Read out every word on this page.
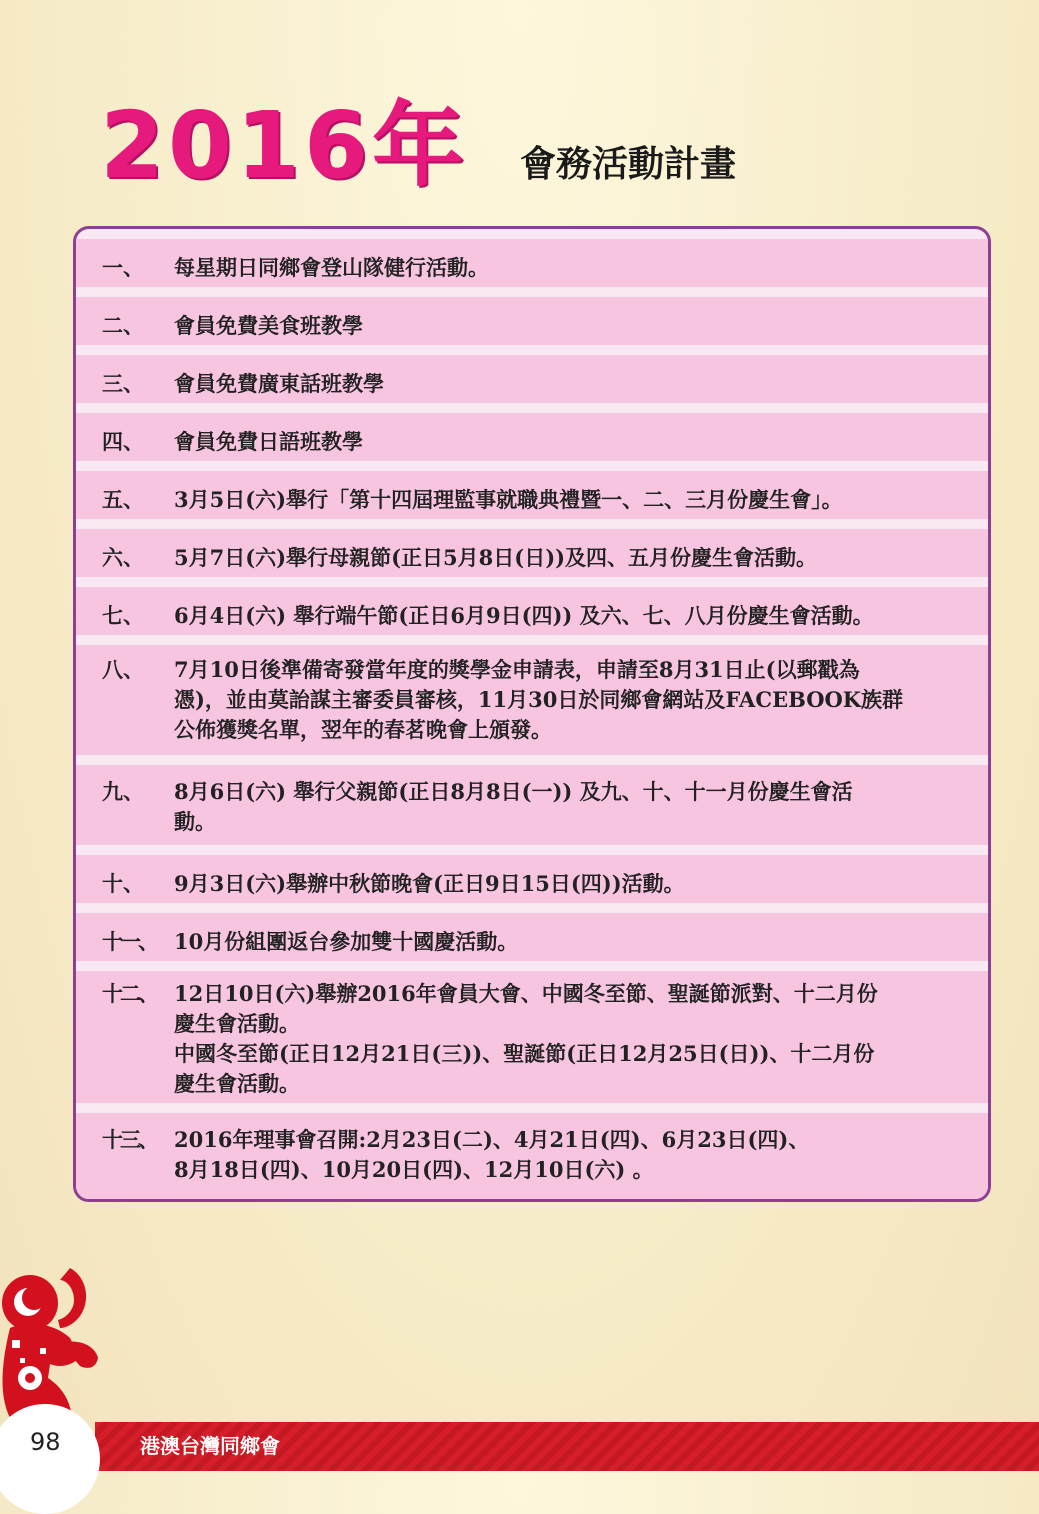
2016年 會務活動計畫
一、	每星期日同鄉會登山隊健行活動。
二、	會員免費美食班教學
三、	會員免費廣東話班教學
四、	會員免費日語班教學
五、	3月5日(六)舉行「第十四屆理監事就職典禮暨一、二、三月份慶生會」。
六、	5月7日(六)舉行母親節(正日5月8日(日))及四、五月份慶生會活動。
七、	6月4日(六) 舉行端午節(正日6月9日(四)) 及六、七、八月份慶生會活動。
八、	7月10日後準備寄發當年度的獎學金申請表，申請至8月31日止(以郵戳為
憑)，並由莫詒謀主審委員審核，11月30日於同鄉會網站及FACEBOOK族群
公佈獲獎名單，翌年的春茗晚會上頒發。
九、	8月6日(六) 舉行父親節(正日8月8日(一)) 及九、十、十一月份慶生會活
動。
十、	9月3日(六)舉辦中秋節晚會(正日9日15日(四))活動。
十一、 10月份組團返台參加雙十國慶活動。
十二、 12日10日(六)舉辦2016年會員大會、中國冬至節、聖誕節派對、十二月份
慶生會活動。
中國冬至節(正日12月21日(三))、聖誕節(正日12月25日(日))、十二月份
慶生會活動。
十三、 2016年理事會召開:2月23日(二)、4月21日(四)、6月23日(四)、
8月18日(四)、10月20日(四)、12月10日(六) 。
港澳台灣同鄉會
98
